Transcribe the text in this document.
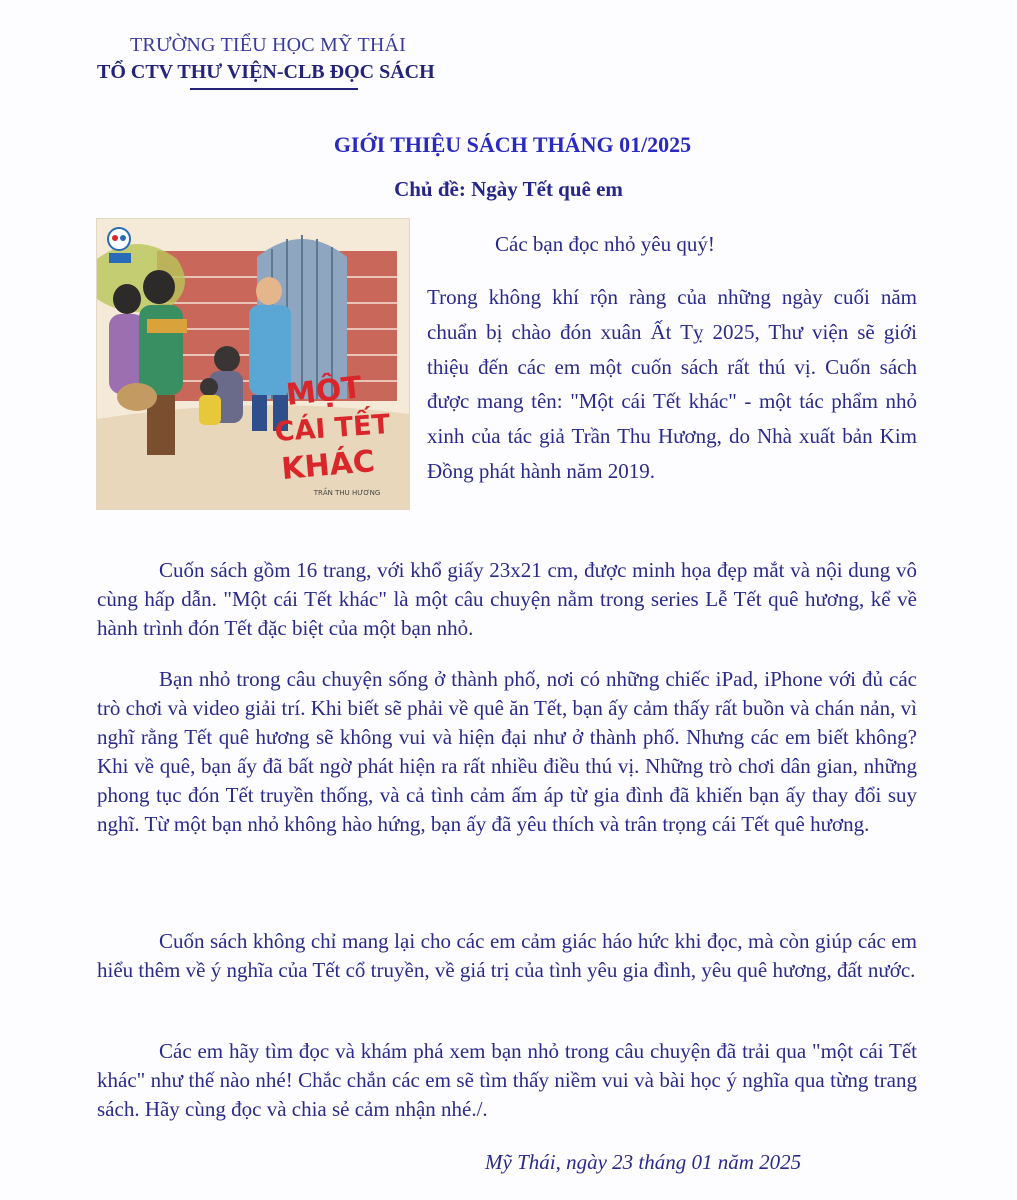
TRƯỜNG TIỂU HỌC MỸ THÁI
TỔ CTV THƯ VIỆN-CLB ĐỌC SÁCH
GIỚI THIỆU SÁCH THÁNG 01/2025
Chủ đề: Ngày Tết quê em
MỘT
CÁI TẾT
KHÁC
TRẦN THU HƯƠNG
Các bạn đọc nhỏ yêu quý!
Trong không khí rộn ràng của những ngày cuối năm chuẩn bị chào đón xuân Ất Tỵ 2025, Thư viện sẽ giới thiệu đến các em một cuốn sách rất thú vị. Cuốn sách được mang tên: "Một cái Tết khác" - một tác phẩm nhỏ xinh của tác giả Trần Thu Hương, do Nhà xuất bản Kim Đồng phát hành năm 2019.

Cuốn sách gồm 16 trang, với khổ giấy 23x21 cm, được minh họa đẹp mắt và nội dung vô cùng hấp dẫn. "Một cái Tết khác" là một câu chuyện nằm trong series Lễ Tết quê hương, kể về hành trình đón Tết đặc biệt của một bạn nhỏ.

Bạn nhỏ trong câu chuyện sống ở thành phố, nơi có những chiếc iPad, iPhone với đủ các trò chơi và video giải trí. Khi biết sẽ phải về quê ăn Tết, bạn ấy cảm thấy rất buồn và chán nản, vì nghĩ rằng Tết quê hương sẽ không vui và hiện đại như ở thành phố. Nhưng các em biết không? Khi về quê, bạn ấy đã bất ngờ phát hiện ra rất nhiều điều thú vị. Những trò chơi dân gian, những phong tục đón Tết truyền thống, và cả tình cảm ấm áp từ gia đình đã khiến bạn ấy thay đổi suy nghĩ. Từ một bạn nhỏ không hào hứng, bạn ấy đã yêu thích và trân trọng cái Tết quê hương.

Cuốn sách không chỉ mang lại cho các em cảm giác háo hức khi đọc, mà còn giúp các em hiểu thêm về ý nghĩa của Tết cổ truyền, về giá trị của tình yêu gia đình, yêu quê hương, đất nước.

Các em hãy tìm đọc và khám phá xem bạn nhỏ trong câu chuyện đã trải qua "một cái Tết khác" như thế nào nhé! Chắc chắn các em sẽ tìm thấy niềm vui và bài học ý nghĩa qua từng trang sách. Hãy cùng đọc và chia sẻ cảm nhận nhé./.

Mỹ Thái, ngày 23 tháng 01 năm 2025
